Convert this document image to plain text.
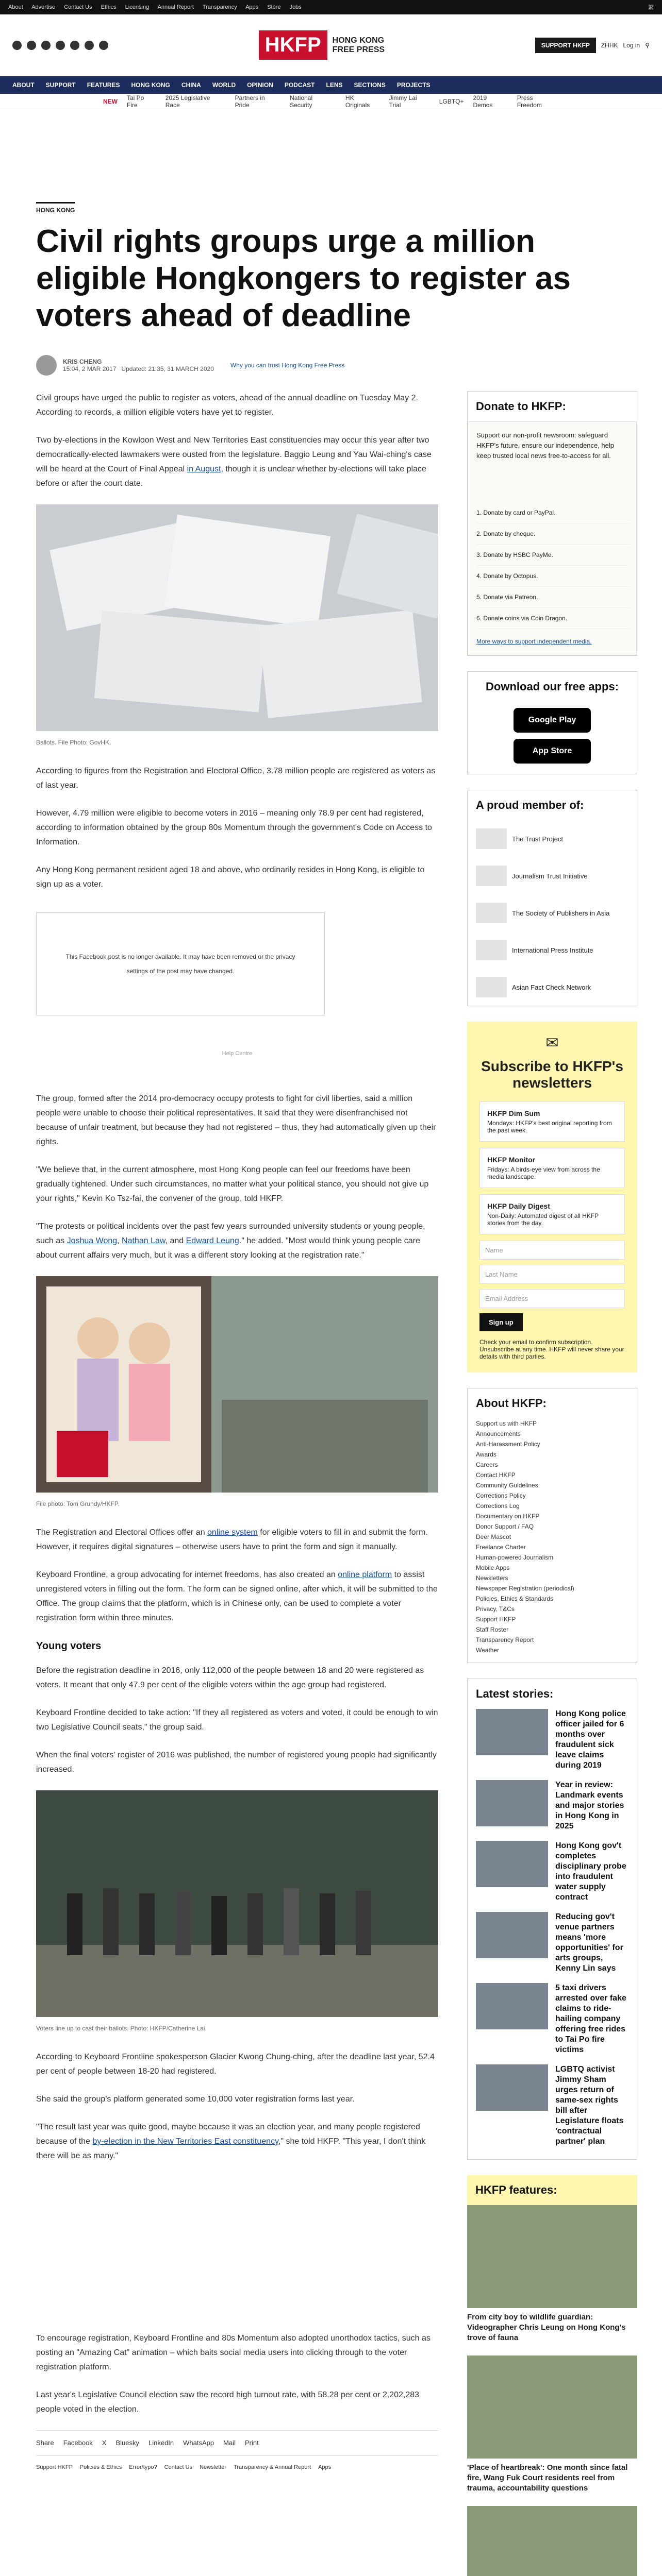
About Advertise Contact Us Ethics Licensing Annual Report Transparency Apps Store Jobs	繁
HKFP	HONG KONG
FREE PRESS	SUPPORT HKFP	ZHHK Log in ⚲
ABOUT SUPPORT FEATURES HONG KONG CHINA WORLD OPINION PODCAST LENS SECTIONS PROJECTS
NEW Tai Po Fire
2025 Legislative Race
Partners in Pride
National Security
HK Originals
Jimmy Lai Trial	LGBTQ+ 2019 Demos
Press Freedom
HONG KONG
Civil rights groups urge a million eligible Hongkongers to register as voters ahead of deadline
KRIS CHENG
15:04, 2 MAR 2017 Updated: 21:35, 31 MARCH 2020	Why you can trust Hong Kong Free Press

Civil groups have urged the public to register as voters, ahead of the annual deadline on Tuesday May 2. According to records, a million eligible voters have yet to register.

Two by-elections in the Kowloon West and New Territories East constituencies may occur this year after two democratically-elected lawmakers were ousted from the legislature. Baggio Leung and Yau Wai-ching's case will be heard at the Court of Final Appeal in August, though it is unclear whether by-elections will take place before or after the court date.

Ballots. File Photo: GovHK.

According to figures from the Registration and Electoral Office, 3.78 million people are registered as voters as of last year.

However, 4.79 million were eligible to become voters in 2016 – meaning only 78.9 per cent had registered, according to information obtained by the group 80s Momentum through the government's Code on Access to Information.

Any Hong Kong permanent resident aged 18 and above, who ordinarily resides in Hong Kong, is eligible to sign up as a voter.

This Facebook post is no longer available. It may have been removed or the privacy settings of the post may have changed.
Help Centre

The group, formed after the 2014 pro-democracy occupy protests to fight for civil liberties, said a million people were unable to choose their political representatives. It said that they were disenfranchised not because of unfair treatment, but because they had not registered – thus, they had automatically given up their rights.

"We believe that, in the current atmosphere, most Hong Kong people can feel our freedoms have been gradually tightened. Under such circumstances, no matter what your political stance, you should not give up your rights," Kevin Ko Tsz-fai, the convener of the group, told HKFP.

"The protests or political incidents over the past few years surrounded university students or young people, such as Joshua Wong, Nathan Law, and Edward Leung." he added. "Most would think young people care about current affairs very much, but it was a different story looking at the registration rate."

File photo: Tom Grundy/HKFP.

The Registration and Electoral Offices offer an online system for eligible voters to fill in and submit the form. However, it requires digital signatures – otherwise users have to print the form and sign it manually.

Keyboard Frontline, a group advocating for internet freedoms, has also created an online platform to assist unregistered voters in filling out the form. The form can be signed online, after which, it will be submitted to the Office. The group claims that the platform, which is in Chinese only, can be used to complete a voter registration form within three minutes.

Young voters

Before the registration deadline in 2016, only 112,000 of the people between 18 and 20 were registered as voters. It meant that only 47.9 per cent of the eligible voters within the age group had registered.

Keyboard Frontline decided to take action: "If they all registered as voters and voted, it could be enough to win two Legislative Council seats," the group said.

When the final voters' register of 2016 was published, the number of registered young people had significantly increased.

Voters line up to cast their ballots. Photo: HKFP/Catherine Lai.

According to Keyboard Frontline spokesperson Glacier Kwong Chung-ching, after the deadline last year, 52.4 per cent of people between 18-20 had registered.

She said the group's platform generated some 10,000 voter registration forms last year.

"The result last year was quite good, maybe because it was an election year, and many people registered because of the by-election in the New Territories East constituency," she told HKFP. "This year, I don't think there will be as many."

To encourage registration, Keyboard Frontline and 80s Momentum also adopted unorthodox tactics, such as posting an "Amazing Cat" animation – which baits social media users into clicking through to the voter registration platform.

Last year's Legislative Council election saw the record high turnout rate, with 58.28 per cent or 2,202,283 people voted in the election.

Share Facebook X Bluesky LinkedIn WhatsApp Mail Print
Support HKFP Policies & Ethics Error/typo? Contact Us Newsletter Transparency & Annual Report Apps
Donate to HKFP:

Support our non-profit newsroom: safeguard HKFP's future, ensure our independence, help keep trusted local news free-to-access for all.

1. Donate by card or PayPal.
2. Donate by cheque.
3. Donate by HSBC PayMe.
4. Donate by Octopus.
5. Donate via Patreon.
6. Donate coins via Coin Dragon.
More ways to support independent media.
Download our free apps:
Google Play
App Store
A proud member of:
The Trust Project
Journalism Trust Initiative
The Society of Publishers in Asia
International Press Institute
Asian Fact Check Network
✉
Subscribe to HKFP's newsletters
HKFP Dim Sum
Mondays: HKFP's best original reporting from the past week.
HKFP Monitor
Fridays: A birds-eye view from across the media landscape.
HKFP Daily Digest
Non-Daily: Automated digest of all HKFP stories from the day.
Name
Last Name
Email Address
Sign up

Check your email to confirm subscription. Unsubscribe at any time. HKFP will never share your details with third parties.

About HKFP:
Support us with HKFP
Announcements
Anti-Harassment Policy
Awards
Careers
Contact HKFP
Community Guidelines
Corrections Policy
Corrections Log
Documentary on HKFP
Donor Support / FAQ
Deer Mascot
Freelance Charter
Human-powered Journalism
Mobile Apps
Newsletters
Newspaper Registration (periodical)
Policies, Ethics & Standards
Privacy, T&Cs
Support HKFP
Staff Roster
Transparency Report
Weather
Latest stories:
Hong Kong police officer jailed for 6 months over fraudulent sick leave claims during 2019
Year in review: Landmark events and major stories in Hong Kong in 2025
Hong Kong gov't completes disciplinary probe into fraudulent water supply contract
Reducing gov't venue partners means 'more opportunities' for arts groups, Kenny Lin says
5 taxi drivers arrested over fake claims to ride-hailing company offering free rides to Tai Po fire victims
LGBTQ activist Jimmy Sham urges return of same-sex rights bill after Legislature floats 'contractual partner' plan
HKFP features:
From city boy to wildlife guardian: Videographer Chris Leung on Hong Kong's trove of fauna
'Place of heartbreak': One month since fatal fire, Wang Fuk Court residents reel from trauma, accountability questions
